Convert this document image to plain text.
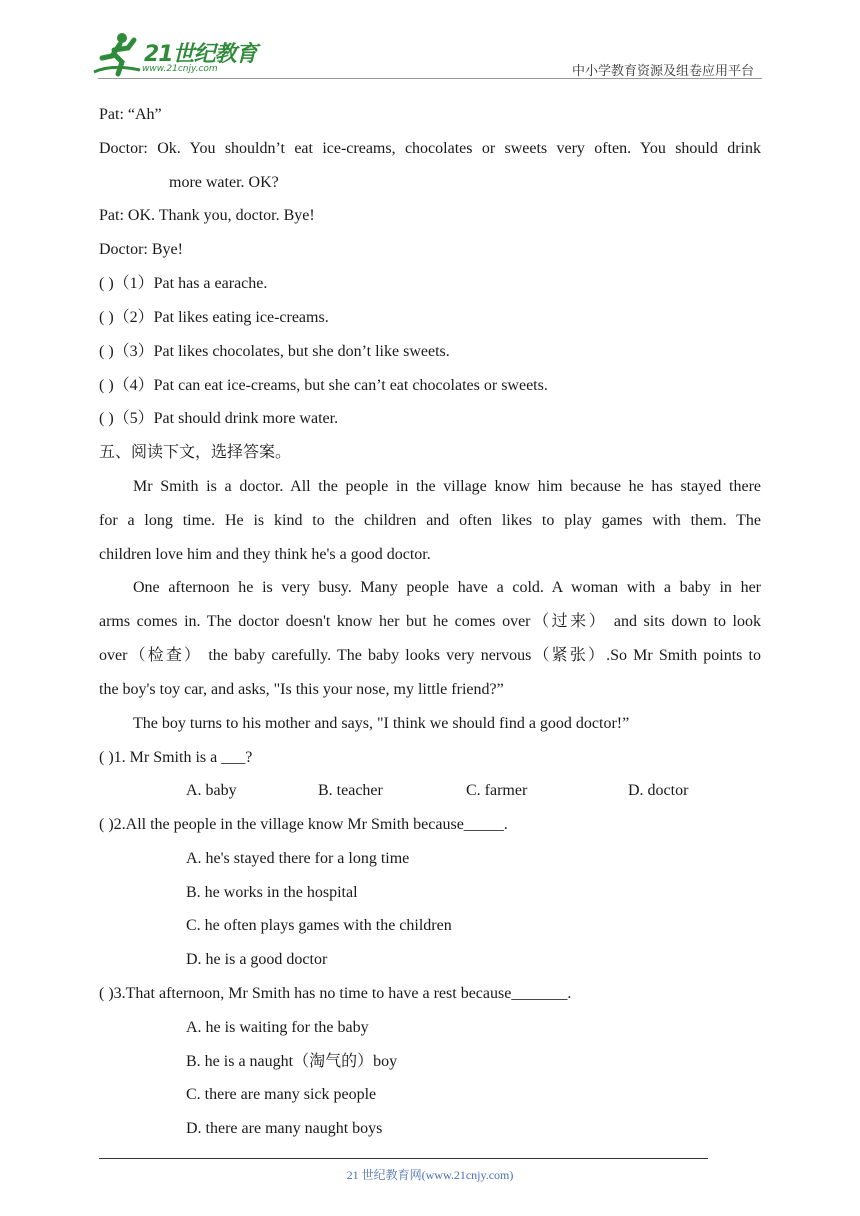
21世纪教育
www.21cnjy.com	中小学教育资源及组卷应用平台
Pat: “Ah”
Doctor: Ok. You shouldn’t eat ice-creams, chocolates or sweets very often. You should drink
more water. OK?
Pat: OK. Thank you, doctor. Bye!
Doctor: Bye!
( )（1）Pat has a earache.
( )（2）Pat likes eating ice-creams.
( )（3）Pat likes chocolates, but she don’t like sweets.
( )（4）Pat can eat ice-creams, but she can’t eat chocolates or sweets.
( )（5）Pat should drink more water.
五、阅读下文，选择答案。
Mr Smith is a doctor. All the people in the village know him because he has stayed there
for a long time. He is kind to the children and often likes to play games with them. The
children love him and they think he's a good doctor.
One afternoon he is very busy. Many people have a cold. A woman with a baby in her
arms comes in. The doctor doesn't know her but he comes over（过来） and sits down to look
over（检查） the baby carefully. The baby looks very nervous（紧张）.So Mr Smith points to
the boy's toy car, and asks, "Is this your nose, my little friend?”
The boy turns to his mother and says, "I think we should find a good doctor!”
( )1. Mr Smith is a ___?
A. baby	B. teacher	C. farmer	D. doctor
( )2.All the people in the village know Mr Smith because_____.
A. he's stayed there for a long time
B. he works in the hospital
C. he often plays games with the children
D. he is a good doctor
( )3.That afternoon, Mr Smith has no time to have a rest because_______.
A. he is waiting for the baby
B. he is a naught（淘气的）boy
C. there are many sick people
D. there are many naught boys
21 世纪教育网(www.21cnjy.com)
